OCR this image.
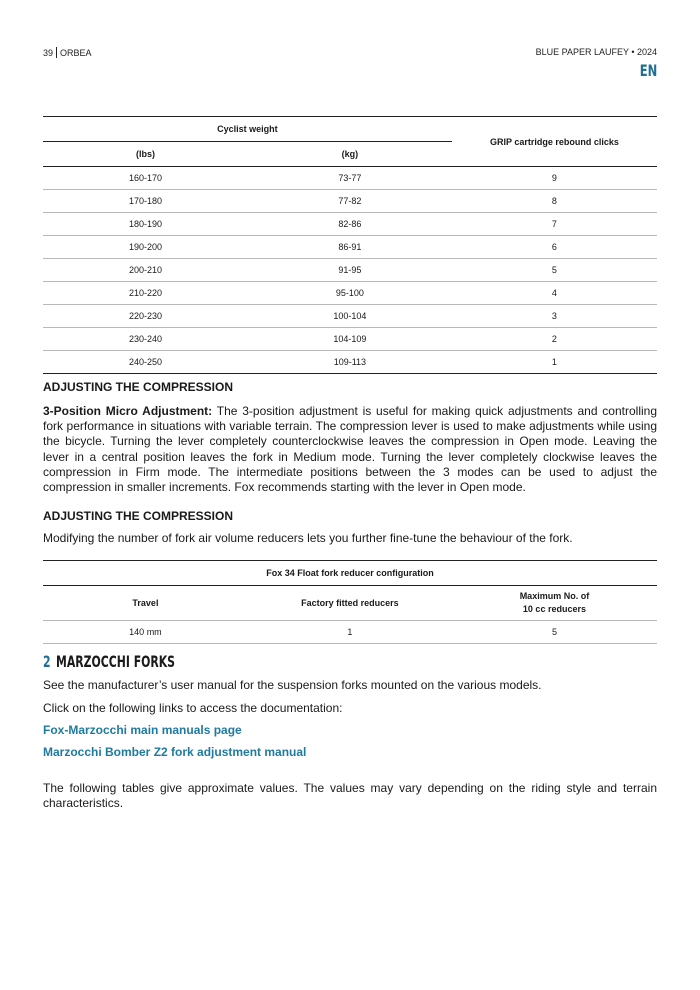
39 ORBEA	BLUE PAPER LAUFEY • 2024
EN
Cyclist weight		GRIP cartridge rebound clicks
(lbs)	(kg)	
160-170	73-77	9
170-180	77-82	8
180-190	82-86	7
190-200	86-91	6
200-210	91-95	5
210-220	95-100	4
220-230	100-104	3
230-240	104-109	2
240-250	109-113	1
ADJUSTING THE COMPRESSION
3-Position Micro Adjustment: The 3-position adjustment is useful for making quick adjustments and controlling fork performance in situations with variable terrain. The compression lever is used to make adjustments while using the bicycle. Turning the lever completely counterclockwise leaves the compression in Open mode. Leaving the lever in a central position leaves the fork in Medium mode. Turning the lever completely clockwise leaves the compression in Firm mode. The intermediate positions between the 3 modes can be used to adjust the compression in smaller increments. Fox recommends starting with the lever in Open mode.
ADJUSTING THE COMPRESSION
Modifying the number of fork air volume reducers lets you further fine-tune the behaviour of the fork.
Fox 34 Float fork reducer configuration		
Travel	Factory fitted reducers	Maximum No. of
10 cc reducers
140 mm	1	5
2 MARZOCCHI FORKS
See the manufacturer’s user manual for the suspension forks mounted on the various models.
Click on the following links to access the documentation:
Fox-Marzocchi main manuals page
Marzocchi Bomber Z2 fork adjustment manual
The following tables give approximate values. The values may vary depending on the riding style and terrain characteristics.
